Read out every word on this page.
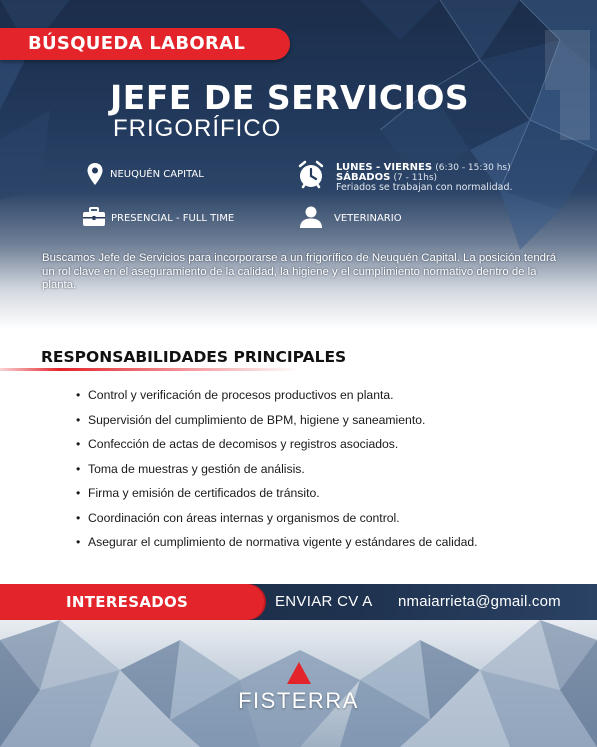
BÚSQUEDA LABORAL
JEFE DE SERVICIOS
FRIGORÍFICO
NEUQUÉN CAPITAL
LUNES - VIERNES (6:30 - 15:30 hs)
SÁBADOS (7 - 11hs)
Feriados se trabajan con normalidad.
PRESENCIAL - FULL TIME	VETERINARIO

Buscamos Jefe de Servicios para incorporarse a un frigorífico de Neuquén Capital. La posición tendrá un rol clave en el aseguramiento de la calidad, la higiene y el cumplimiento normativo dentro de la planta.

RESPONSABILIDADES PRINCIPALES
• Control y verificación de procesos productivos en planta.
• Supervisión del cumplimiento de BPM, higiene y saneamiento.
• Confección de actas de decomisos y registros asociados.
• Toma de muestras y gestión de análisis.
• Firma y emisión de certificados de tránsito.
• Coordinación con áreas internas y organismos de control.
• Asegurar el cumplimiento de normativa vigente y estándares de calidad.
INTERESADOS	ENVIAR CV A nmaiarrieta@gmail.com
FISTERRA
